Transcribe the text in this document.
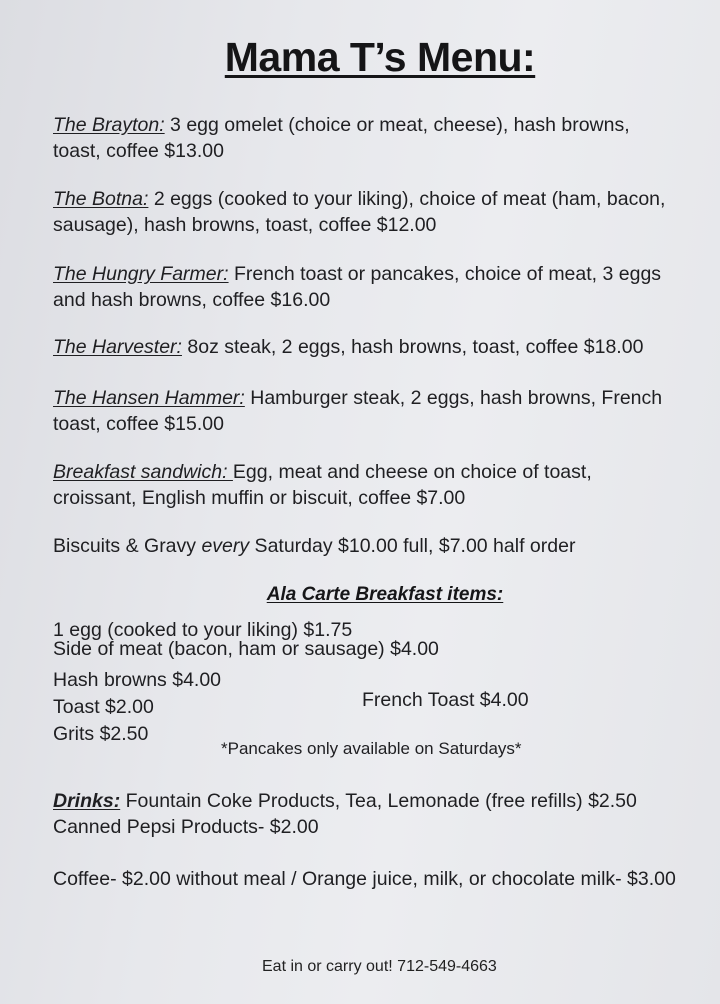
Mama T’s Menu:
The Brayton: 3 egg omelet (choice or meat, cheese), hash browns,
toast, coffee $13.00
The Botna: 2 eggs (cooked to your liking), choice of meat (ham, bacon,
sausage), hash browns, toast, coffee $12.00
The Hungry Farmer: French toast or pancakes, choice of meat, 3 eggs
and hash browns, coffee $16.00
The Harvester: 8oz steak, 2 eggs, hash browns, toast, coffee $18.00
The Hansen Hammer: Hamburger steak, 2 eggs, hash browns, French
toast, coffee $15.00
Breakfast sandwich: Egg, meat and cheese on choice of toast,
croissant, English muffin or biscuit, coffee $7.00
Biscuits & Gravy every Saturday $10.00 full, $7.00 half order
Ala Carte Breakfast items:
1 egg (cooked to your liking) $1.75
Side of meat (bacon, ham or sausage) $4.00
Hash browns $4.00
Toast $2.00
Grits $2.50
French Toast $4.00
*Pancakes only available on Saturdays*
Drinks: Fountain Coke Products, Tea, Lemonade (free refills) $2.50
Canned Pepsi Products- $2.00
Coffee- $2.00 without meal / Orange juice, milk, or chocolate milk- $3.00
Eat in or carry out! 712-549-4663
